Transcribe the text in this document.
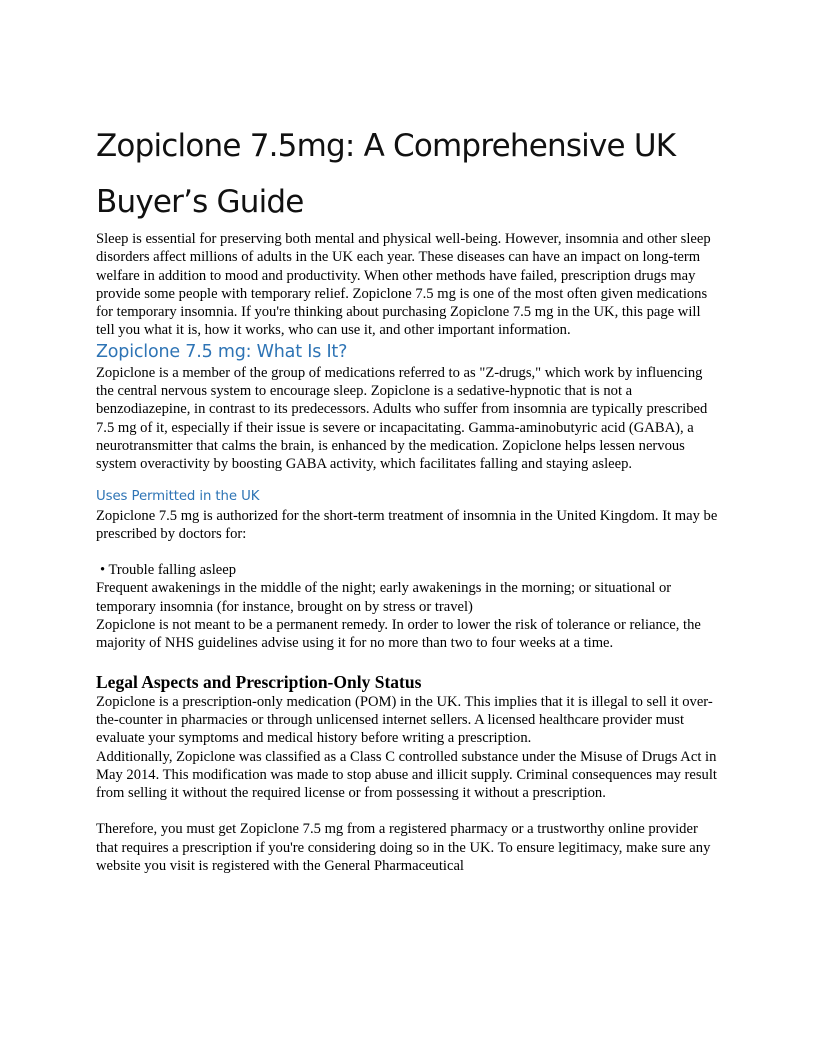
Zopiclone 7.5mg: A Comprehensive UK Buyer’s Guide

Sleep is essential for preserving both mental and physical well-being. However, insomnia and other sleep disorders affect millions of adults in the UK each year. These diseases can have an impact on long-term welfare in addition to mood and productivity. When other methods have failed, prescription drugs may provide some people with temporary relief. Zopiclone 7.5 mg is one of the most often given medications for temporary insomnia. If you're thinking about purchasing Zopiclone 7.5 mg in the UK, this page will tell you what it is, how it works, who can use it, and other important information.

Zopiclone 7.5 mg: What Is It?

Zopiclone is a member of the group of medications referred to as "Z-drugs," which work by influencing the central nervous system to encourage sleep. Zopiclone is a sedative-hypnotic that is not a benzodiazepine, in contrast to its predecessors. Adults who suffer from insomnia are typically prescribed 7.5 mg of it, especially if their issue is severe or incapacitating. Gamma-aminobutyric acid (GABA), a neurotransmitter that calms the brain, is enhanced by the medication. Zopiclone helps lessen nervous system overactivity by boosting GABA activity, which facilitates falling and staying asleep.

Uses Permitted in the UK

Zopiclone 7.5 mg is authorized for the short-term treatment of insomnia in the United Kingdom. It may be prescribed by doctors for:

• Trouble falling asleep

Frequent awakenings in the middle of the night; early awakenings in the morning; or situational or temporary insomnia (for instance, brought on by stress or travel)

Zopiclone is not meant to be a permanent remedy. In order to lower the risk of tolerance or reliance, the majority of NHS guidelines advise using it for no more than two to four weeks at a time.

Legal Aspects and Prescription-Only Status

Zopiclone is a prescription-only medication (POM) in the UK. This implies that it is illegal to sell it over-the-counter in pharmacies or through unlicensed internet sellers. A licensed healthcare provider must evaluate your symptoms and medical history before writing a prescription.

Additionally, Zopiclone was classified as a Class C controlled substance under the Misuse of Drugs Act in May 2014. This modification was made to stop abuse and illicit supply. Criminal consequences may result from selling it without the required license or from possessing it without a prescription.

Therefore, you must get Zopiclone 7.5 mg from a registered pharmacy or a trustworthy online provider that requires a prescription if you're considering doing so in the UK. To ensure legitimacy, make sure any website you visit is registered with the General Pharmaceutical
